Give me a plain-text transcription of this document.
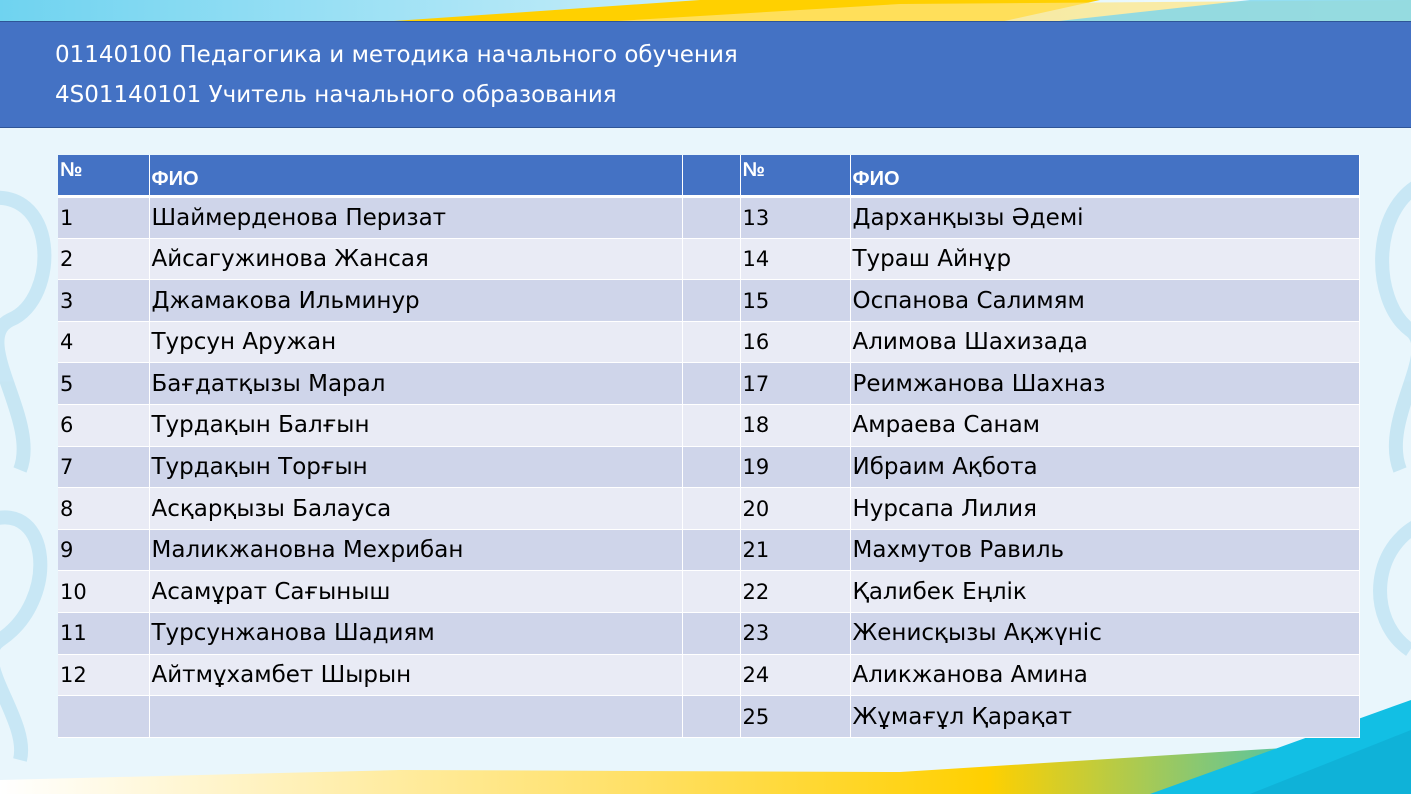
01140100 Педагогика и методика начального обучения
4S01140101 Учитель начального образования
№	ФИО		№	ФИО

1	Шаймерденова Перизат		13	Дарханқызы Әдемі
2	Айсагужинова Жансая		14	Тураш Айнұр
3	Джамакова Ильминур		15	Оспанова Салимям
4	Турсун Аружан		16	Алимова Шахизада
5	Бағдатқызы Марал		17	Реимжанова Шахназ
6	Турдақын Балғын		18	Амраева Санам
7	Турдақын Торғын		19	Ибраим Ақбота
8	Асқарқызы Балауса		20	Нурсапа Лилия
9	Маликжановна Мехрибан		21	Махмутов Равиль
10	Асамұрат Сағыныш		22	Қалибек Еңлік
11	Турсунжанова Шадиям		23	Женисқызы Ақжүніс
12	Айтмұхамбет Шырын		24	Аликжанова Амина
			25	Жұмағұл Қарақат
